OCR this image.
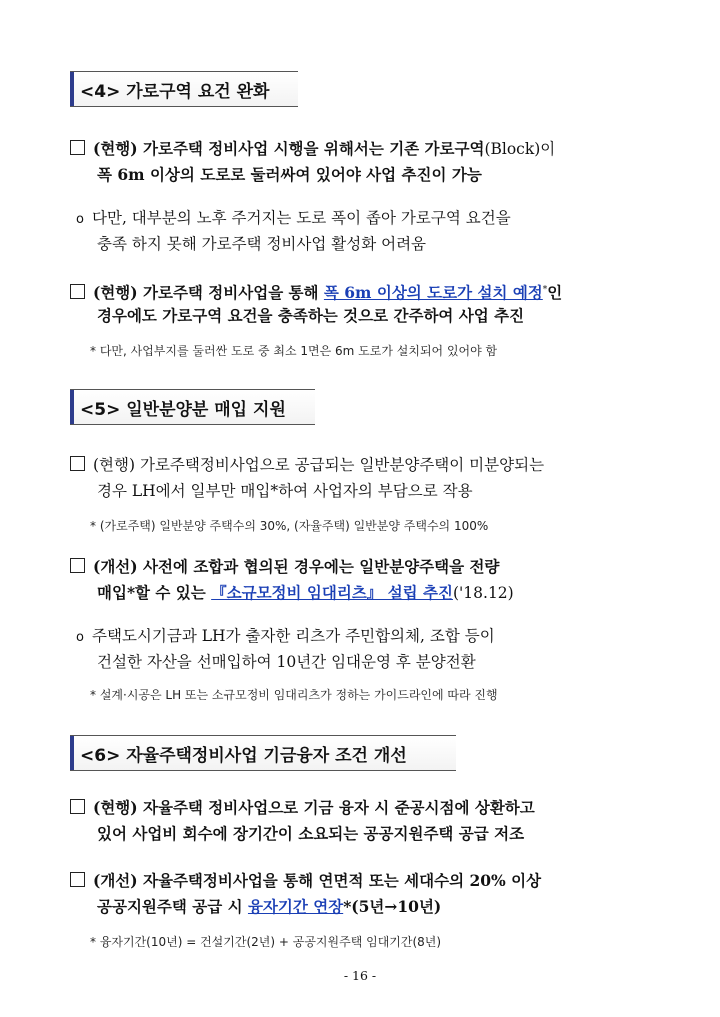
<4> 가로구역 요건 완화
(현행) 가로주택 정비사업 시행을 위해서는 기존 가로구역(Block)이
폭 6m 이상의 도로로 둘러싸여 있어야 사업 추진이 가능
o 다만, 대부분의 노후 주거지는 도로 폭이 좁아 가로구역 요건을
충족 하지 못해 가로주택 정비사업 활성화 어려움
(현행) 가로주택 정비사업을 통해 폭 6m 이상의 도로가 설치 예정*인
경우에도 가로구역 요건을 충족하는 것으로 간주하여 사업 추진
* 다만, 사업부지를 둘러싼 도로 중 최소 1면은 6m 도로가 설치되어 있어야 함
<5> 일반분양분 매입 지원
(현행) 가로주택정비사업으로 공급되는 일반분양주택이 미분양되는
경우 LH에서 일부만 매입*하여 사업자의 부담으로 작용
* (가로주택) 일반분양 주택수의 30%, (자율주택) 일반분양 주택수의 100%
(개선) 사전에 조합과 협의된 경우에는 일반분양주택을 전량
매입*할 수 있는 『소규모정비 임대리츠』 설립 추진('18.12)
o 주택도시기금과 LH가 출자한 리츠가 주민합의체, 조합 등이
건설한 자산을 선매입하여 10년간 임대운영 후 분양전환
* 설계·시공은 LH 또는 소규모정비 임대리츠가 정하는 가이드라인에 따라 진행
<6> 자율주택정비사업 기금융자 조건 개선
(현행) 자율주택 정비사업으로 기금 융자 시 준공시점에 상환하고
있어 사업비 회수에 장기간이 소요되는 공공지원주택 공급 저조
(개선) 자율주택정비사업을 통해 연면적 또는 세대수의 20% 이상
공공지원주택 공급 시 융자기간 연장*(5년→10년)
* 융자기간(10년) = 건설기간(2년) + 공공지원주택 임대기간(8년)
- 16 -
